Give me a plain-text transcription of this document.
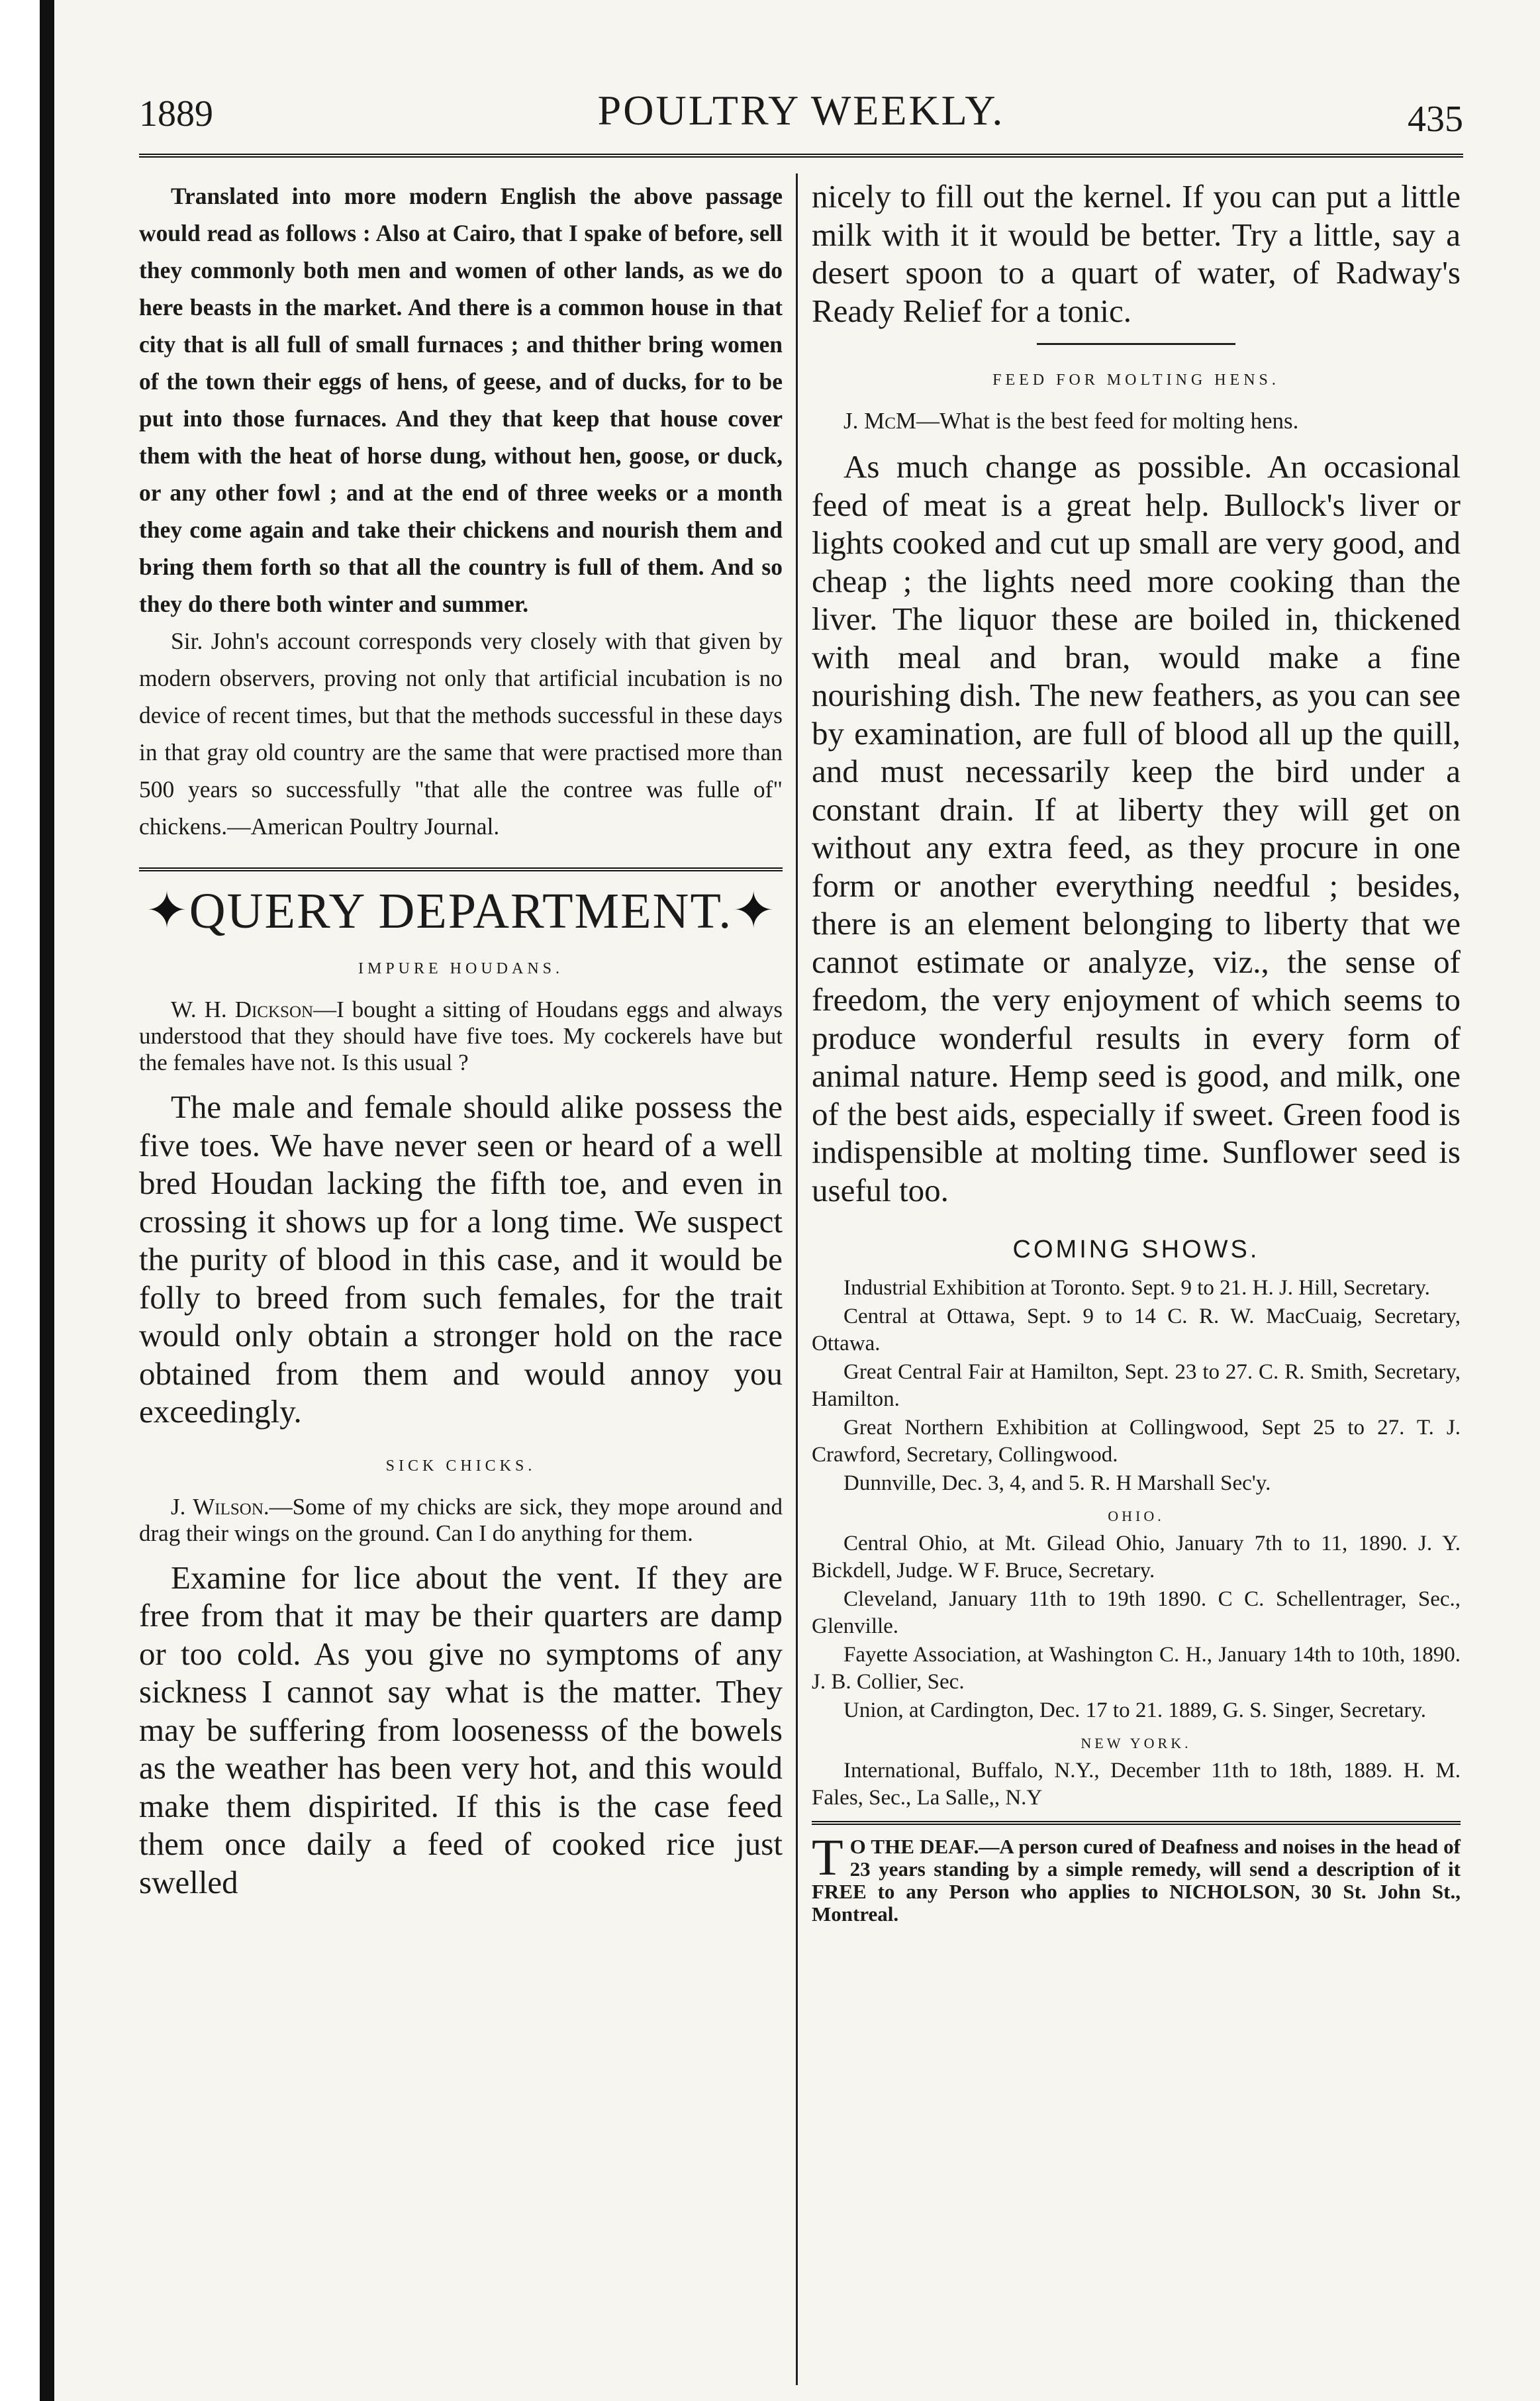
1889	POULTRY WEEKLY.	435

Translated into more modern English the above passage would read as follows : Also at Cairo, that I spake of before, sell they commonly both men and women of other lands, as we do here beasts in the market. And there is a common house in that city that is all full of small furnaces ; and thither bring women of the town their eggs of hens, of geese, and of ducks, for to be put into those furnaces. And they that keep that house cover them with the heat of horse dung, without hen, goose, or duck, or any other fowl ; and at the end of three weeks or a month they come again and take their chickens and nourish them and bring them forth so that all the country is full of them. And so they do there both winter and summer.

Sir. John's account corresponds very closely with that given by modern observers, proving not only that artificial incubation is no device of recent times, but that the methods successful in these days in that gray old country are the same that were practised more than 500 years so successfully "that alle the contree was fulle of" chickens.—American Poultry Journal.

✦QUERY DEPARTMENT.✦
IMPURE HOUDANS.

W. H. Dickson—I bought a sitting of Houdans eggs and always understood that they should have five toes. My cockerels have but the females have not. Is this usual ?

The male and female should alike possess the five toes. We have never seen or heard of a well bred Houdan lacking the fifth toe, and even in crossing it shows up for a long time. We suspect the purity of blood in this case, and it would be folly to breed from such females, for the trait would only obtain a stronger hold on the race obtained from them and would annoy you exceedingly.

SICK CHICKS.

J. Wilson.—Some of my chicks are sick, they mope around and drag their wings on the ground. Can I do anything for them.

Examine for lice about the vent. If they are free from that it may be their quarters are damp or too cold. As you give no symptoms of any sickness I cannot say what is the matter. They may be suffering from loosenesss of the bowels as the weather has been very hot, and this would make them dispirited. If this is the case feed them once daily a feed of cooked rice just swelled

nicely to fill out the kernel. If you can put a little milk with it it would be better. Try a little, say a desert spoon to a quart of water, of Radway's Ready Relief for a tonic.

FEED FOR MOLTING HENS.

J. McM—What is the best feed for molting hens.

As much change as possible. An occasional feed of meat is a great help. Bullock's liver or lights cooked and cut up small are very good, and cheap ; the lights need more cooking than the liver. The liquor these are boiled in, thickened with meal and bran, would make a fine nourishing dish. The new feathers, as you can see by examination, are full of blood all up the quill, and must necessarily keep the bird under a constant drain. If at liberty they will get on without any extra feed, as they procure in one form or another everything needful ; besides, there is an element belonging to liberty that we cannot estimate or analyze, viz., the sense of freedom, the very enjoyment of which seems to produce wonderful results in every form of animal nature. Hemp seed is good, and milk, one of the best aids, especially if sweet. Green food is indispensible at molting time. Sunflower seed is useful too.

COMING SHOWS.

Industrial Exhibition at Toronto. Sept. 9 to 21. H. J. Hill, Secretary.

Central at Ottawa, Sept. 9 to 14 C. R. W. MacCuaig, Secretary, Ottawa.

Great Central Fair at Hamilton, Sept. 23 to 27. C. R. Smith, Secretary, Hamilton.

Great Northern Exhibition at Collingwood, Sept 25 to 27. T. J. Crawford, Secretary, Collingwood.

Dunnville, Dec. 3, 4, and 5. R. H Marshall Sec'y.

OHIO.

Central Ohio, at Mt. Gilead Ohio, January 7th to 11, 1890. J. Y. Bickdell, Judge. W F. Bruce, Secretary.

Cleveland, January 11th to 19th 1890. C C. Schellentrager, Sec., Glenville.

Fayette Association, at Washington C. H., January 14th to 10th, 1890. J. B. Collier, Sec.

Union, at Cardington, Dec. 17 to 21. 1889, G. S. Singer, Secretary.

NEW YORK.

International, Buffalo, N.Y., December 11th to 18th, 1889. H. M. Fales, Sec., La Salle,, N.Y

T O THE DEAF.—A person cured of Deafness and noises in the head of 23 years standing by a simple remedy, will send a description of it FREE to any Person who applies to NICHOLSON, 30 St. John St., Montreal.
